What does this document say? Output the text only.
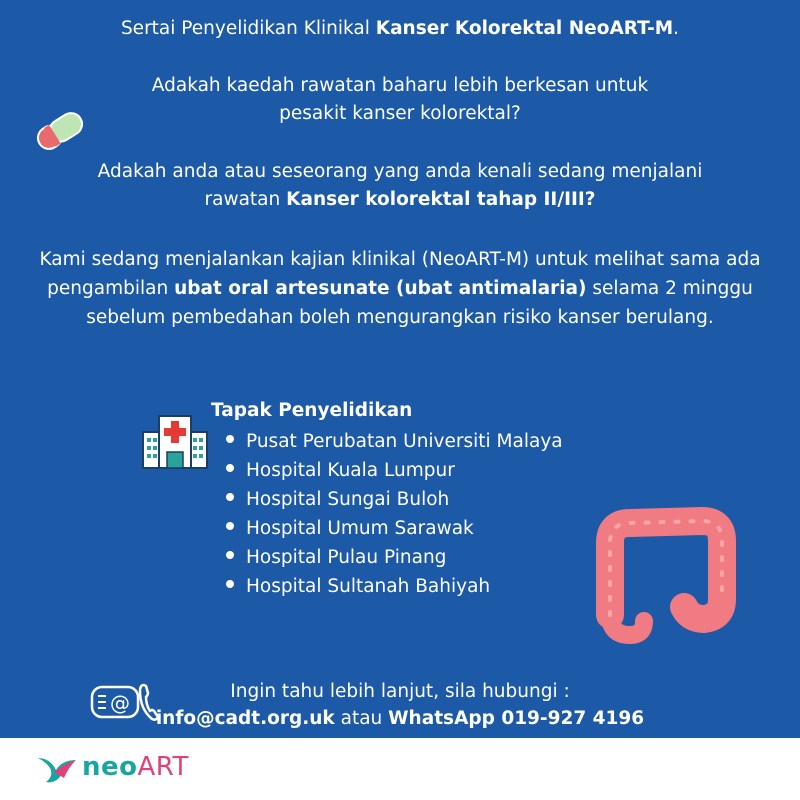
Sertai Penyelidikan Klinikal Kanser Kolorektal NeoART-M.
Adakah kaedah rawatan baharu lebih berkesan untuk
pesakit kanser kolorektal?
Adakah anda atau seseorang yang anda kenali sedang menjalani
rawatan Kanser kolorektal tahap II/III?
Kami sedang menjalankan kajian klinikal (NeoART-M) untuk melihat sama ada
pengambilan ubat oral artesunate (ubat antimalaria) selama 2 minggu
sebelum pembedahan boleh mengurangkan risiko kanser berulang.
Tapak Penyelidikan
Pusat Perubatan Universiti Malaya
Hospital Kuala Lumpur
Hospital Sungai Buloh
Hospital Umum Sarawak
Hospital Pulau Pinang
Hospital Sultanah Bahiyah
@	Ingin tahu lebih lanjut, sila hubungi :
info@cadt.org.uk atau WhatsApp 019-927 4196
neoART
